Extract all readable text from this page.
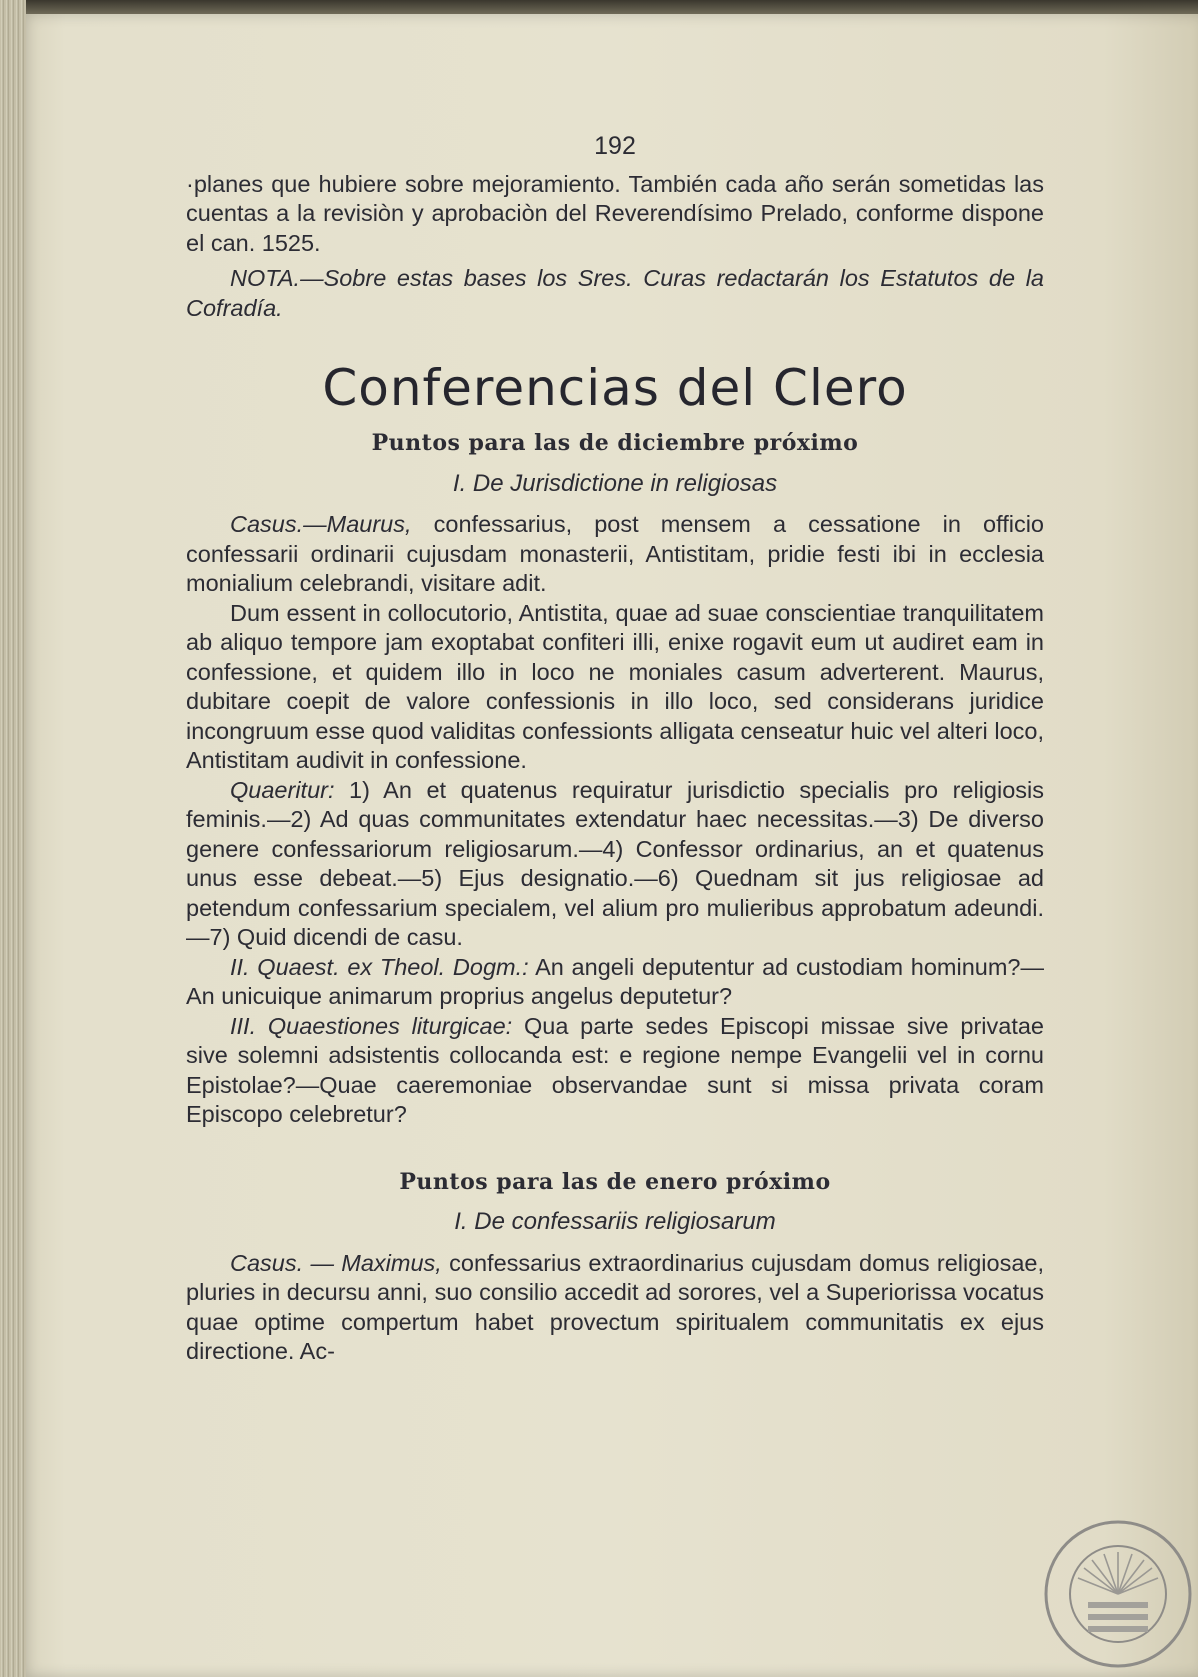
192

·planes que hubiere sobre mejoramiento. También cada año serán sometidas las cuentas a la revisiòn y aprobaciòn del Reverendísimo Prelado, conforme dispone el can. 1525.

NOTA.—Sobre estas bases los Sres. Curas redactarán los Estatutos de la Cofradía.

Conferencias del Clero
Puntos para las de diciembre próximo
I. De Jurisdictione in religiosas

Casus.—Maurus, confessarius, post mensem a cessatione in officio confessarii ordinarii cujusdam monasterii, Antistitam, pridie festi ibi in ecclesia monialium celebrandi, visitare adit.

Dum essent in collocutorio, Antistita, quae ad suae conscientiae tranquilitatem ab aliquo tempore jam exoptabat confiteri illi, enixe rogavit eum ut audiret eam in confessione, et quidem illo in loco ne moniales casum adverterent. Maurus, dubitare coepit de valore confessionis in illo loco, sed considerans juridice incongruum esse quod validitas confessionts alligata censeatur huic vel alteri loco, Antistitam audivit in confessione.

Quaeritur: 1) An et quatenus requiratur jurisdictio specialis pro religiosis feminis.—2) Ad quas communitates extendatur haec necessitas.—3) De diverso genere confessariorum religiosarum.—4) Confessor ordinarius, an et quatenus unus esse debeat.—5) Ejus designatio.—6) Quednam sit jus religiosae ad petendum confessarium specialem, vel alium pro mulieribus approbatum adeundi.—7) Quid dicendi de casu.

II. Quaest. ex Theol. Dogm.: An angeli deputentur ad custodiam hominum?—An unicuique animarum proprius angelus deputetur?

III. Quaestiones liturgicae: Qua parte sedes Episcopi missae sive privatae sive solemni adsistentis collocanda est: e regione nempe Evangelii vel in cornu Epistolae?—Quae caeremoniae observandae sunt si missa privata coram Episcopo celebretur?

Puntos para las de enero próximo
I. De confessariis religiosarum

Casus. — Maximus, confessarius extraordinarius cujusdam domus religiosae, pluries in decursu anni, suo consilio accedit ad sorores, vel a Superiorissa vocatus quae optime compertum habet provectum spiritualem communitatis ex ejus directione. Ac-
